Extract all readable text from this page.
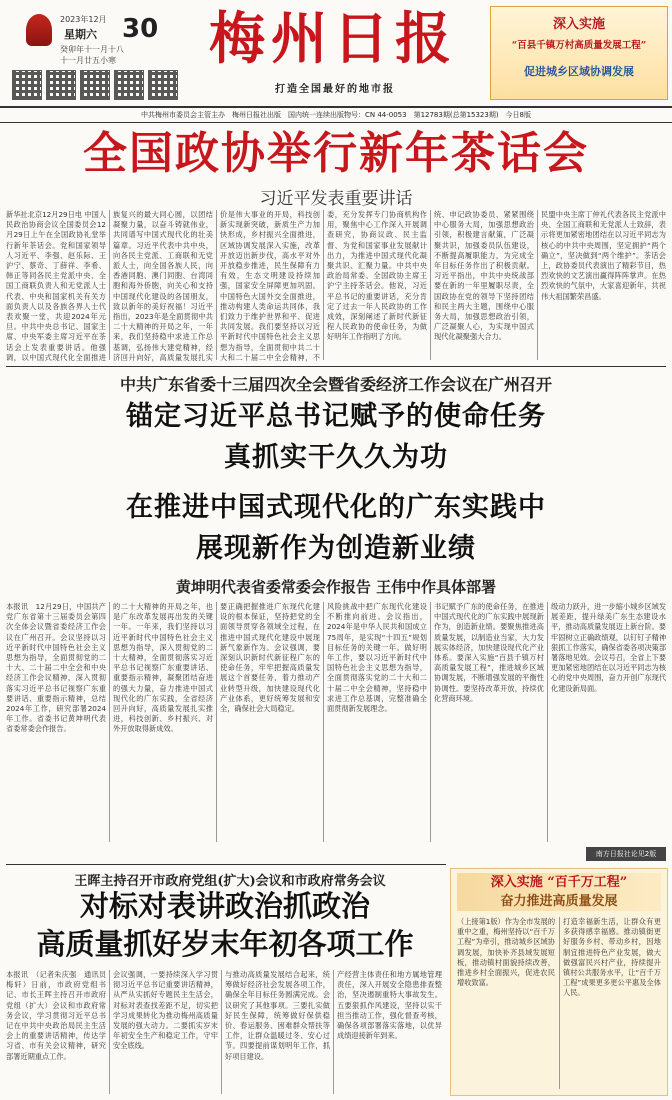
2023年12月
星期六
癸卯年十一月十八
十一月廿五小寒
30 梅州日报
打造全国最好的地市报
深入实施
“百县千镇万村高质量发展工程”
促进城乡区域协调发展
中共梅州市委员会主管主办　梅州日报社出版　国内统一连续出版物号：CN 44-0053　第12783期(总第15323期)　今日8版
全国政协举行新年茶话会
习近平发表重要讲话
新华社北京12月29日电 中国人民政治协商会议全国委员会12月29日上午在全国政协礼堂举行新年茶话会。党和国家领导人习近平、李强、赵乐际、王沪宁、蔡奇、丁薛祥、李希、韩正等同各民主党派中央、全国工商联负责人和无党派人士代表、中央和国家机关有关方面负责人以及各族各界人士代表欢聚一堂，共迎2024年元旦。中共中央总书记、国家主席、中央军委主席习近平在茶话会上发表重要讲话。他强调，以中国式现代化全面推进
族复兴的最大同心圆，以团结凝聚力量，以奋斗铸就伟业，共同谱写中国式现代化的壮美篇章。习近平代表中共中央，向各民主党派、工商联和无党派人士，向全国各族人民，向香港同胞、澳门同胞、台湾同胞和海外侨胞，向关心和支持中国现代化建设的各国朋友，致以新年的美好祝福！习近平指出，2023年是全面贯彻中共二十大精神的开局之年，一年来，我们坚持稳中求进工作总基调，弘扬伟大建党精神，经济回升向好，高质量发展扎实
价是伟大事业的开局，科技创新实现新突破，新质生产力加快形成，乡村振兴全面推进，区域协调发展深入实施，改革开放迈出新步伐，高水平对外开放稳步推进，民生保障有力有效，生态文明建设持续加强，国家安全屏障更加巩固。中国特色大国外交全面推进，推动构建人类命运共同体，我们致力于维护世界和平、促进共同发展。我们要坚持以习近平新时代中国特色社会主义思想为指导，全面贯彻中共二十大和二十届二中全会精神，不
委，充分发挥专门协商机构作用，聚焦中心工作深入开展调查研究，协商议政、民主监督、为党和国家事业发展献计出力，为推进中国式现代化凝聚共识、汇聚力量。中共中央政治局常委、全国政协主席王沪宁主持茶话会。他说，习近平总书记的重要讲话，充分肯定了过去一年人民政协的工作成效，深刻阐述了新时代新征程人民政协的使命任务，为做好明年工作指明了方向。
统、申记政协委员、紧紧围绕中心服务大局，加强思想政治引领，积极建言献策，广泛凝聚共识，加强委员队伍建设，不断提高履职能力，为完成全年目标任务作出了积极贡献。习近平指出，中共中央统战部要在新的一年里履职尽责，全国政协在党的领导下坚持团结和民主两大主题，围绕中心服务大局，加强思想政治引领，广泛凝聚人心，为实现中国式现代化凝聚强大合力。
民盟中央主席丁仲礼代表各民主党派中央、全国工商联和无党派人士致辞，表示将更加紧密地团结在以习近平同志为核心的中共中央周围，坚定拥护“两个确立”，坚决做到“两个维护”。茶话会上，政协委员代表演出了精彩节目，热烈欢快的文艺演出赢得阵阵掌声。在热烈欢快的气氛中，大家喜迎新年，共祝伟大祖国繁荣昌盛。
中共广东省委十三届四次全会暨省委经济工作会议在广州召开
锚定习近平总书记赋予的使命任务
真抓实干久久为功
在推进中国式现代化的广东实践中
展现新作为创造新业绩
黄坤明代表省委常委会作报告 王伟中作具体部署
本报讯　12月29日，中国共产党广东省第十三届委员会第四次全体会议暨省委经济工作会议在广州召开。会议坚持以习近平新时代中国特色社会主义思想为指导，全面贯彻党的二十大、二十届二中全会和中央经济工作会议精神，深入贯彻落实习近平总书记视察广东重要讲话、重要指示精神，总结2024年工作，研究部署2024年工作。省委书记黄坤明代表省委常委会作报告。
的二十大精神的开局之年，也是广东改革发展再出发的关键一年。一年来，我们坚持以习近平新时代中国特色社会主义思想为指导，深入贯彻党的二十大精神，全面贯彻落实习近平总书记视察广东重要讲话、重要指示精神，凝聚团结奋进的强大力量，奋力推进中国式现代化的广东实践，全省经济回升向好，高质量发展扎实推进，科技创新、乡村振兴、对外开放取得新成效。
要正确把握推进广东现代化建设的根本保证，坚持把党的全面领导贯穿各领域全过程，在推进中国式现代化建设中展现新气象新作为。会议强调，要深刻认识新时代新征程广东的使命任务，牢牢把握高质量发展这个首要任务，着力推动产业转型升级，加快建设现代化产业体系，更好统筹发展和安全，确保社会大局稳定。
风险挑战中把广东现代化建设不断推向前进。会议指出，2024年是中华人民共和国成立75周年，是实现“十四五”规划目标任务的关键一年。做好明年工作，要以习近平新时代中国特色社会主义思想为指导，全面贯彻落实党的二十大和二十届二中全会精神，坚持稳中求进工作总基调，完整准确全面贯彻新发展理念。
书记赋予广东的使命任务，在推进中国式现代化的广东实践中展现新作为，创造新业绩。要聚焦推进高质量发展，以制造业当家，大力发展实体经济，加快建设现代化产业体系。要深入实施“百县千镇万村高质量发展工程”，推进城乡区域协调发展，不断增强发展的平衡性协调性。要坚持改革开放，持续优化营商环境。
级动力跃升，进一步缩小城乡区域发展差距，提升绿美广东生态建设水平，推动高质量发展迈上新台阶。要牢固树立正确政绩观，以钉钉子精神狠抓工作落实，确保省委各项决策部署落地见效。会议号召，全省上下要更加紧密地团结在以习近平同志为核心的党中央周围，奋力开创广东现代化建设新局面。
南方日报社论见2版
王晖主持召开市政府党组(扩大)会议和市政府常务会议
对标对表讲政治抓政治
高质量抓好岁末年初各项工作
本报讯　（记者朱庆强　通讯员梅轩）日前，市政府党组书记、市长王晖主持召开市政府党组（扩大）会议和市政府常务会议，学习贯彻习近平总书记在中共中央政治局民主生活会上的重要讲话精神，传达学习省、市有关会议精神，研究部署近期重点工作。
会议强调，一要持续深入学习贯彻习近平总书记重要讲话精神，从严从实抓好专题民主生活会，对标对表查找差距不足，切实把学习成果转化为推动梅州高质量发展的强大动力。二要抓实岁末年初安全生产和稳定工作，守牢安全底线。
与推动高质量发展结合起来，统筹做好经济社会发展各项工作，确保全年目标任务圆满完成。会议研究了其他事项。三要扎实做好民生保障，统筹做好保供稳价、春运服务、困难群众帮扶等工作，让群众温暖过冬、安心过节。四要提前谋划明年工作，抓好项目建设。
产经营主体责任和地方属地管理责任，深入开展安全隐患排查整治，坚决遏制重特大事故发生。五要狠抓作风建设，坚持以实干担当推动工作，强化督查考核，确保各项部署落实落地，以优异成绩迎接新年到来。
深入实施 “百千万工程”
奋力推进高质量发展
（上接第1版）作为全市发展的重中之重，梅州坚持以“百千万工程”为牵引，推动城乡区域协调发展，加快补齐县域发展短板，推动镇村面貌持续改善，推进乡村全面振兴，促进农民增收致富。
打造幸福新生活，让群众有更多获得感幸福感。推动镇街更好服务乡村、带动乡村，因地制宜推进特色产业发展，做大做强富民兴村产业，持续提升镇村公共服务水平，让“百千万工程”成果更多更公平惠及全体人民。
